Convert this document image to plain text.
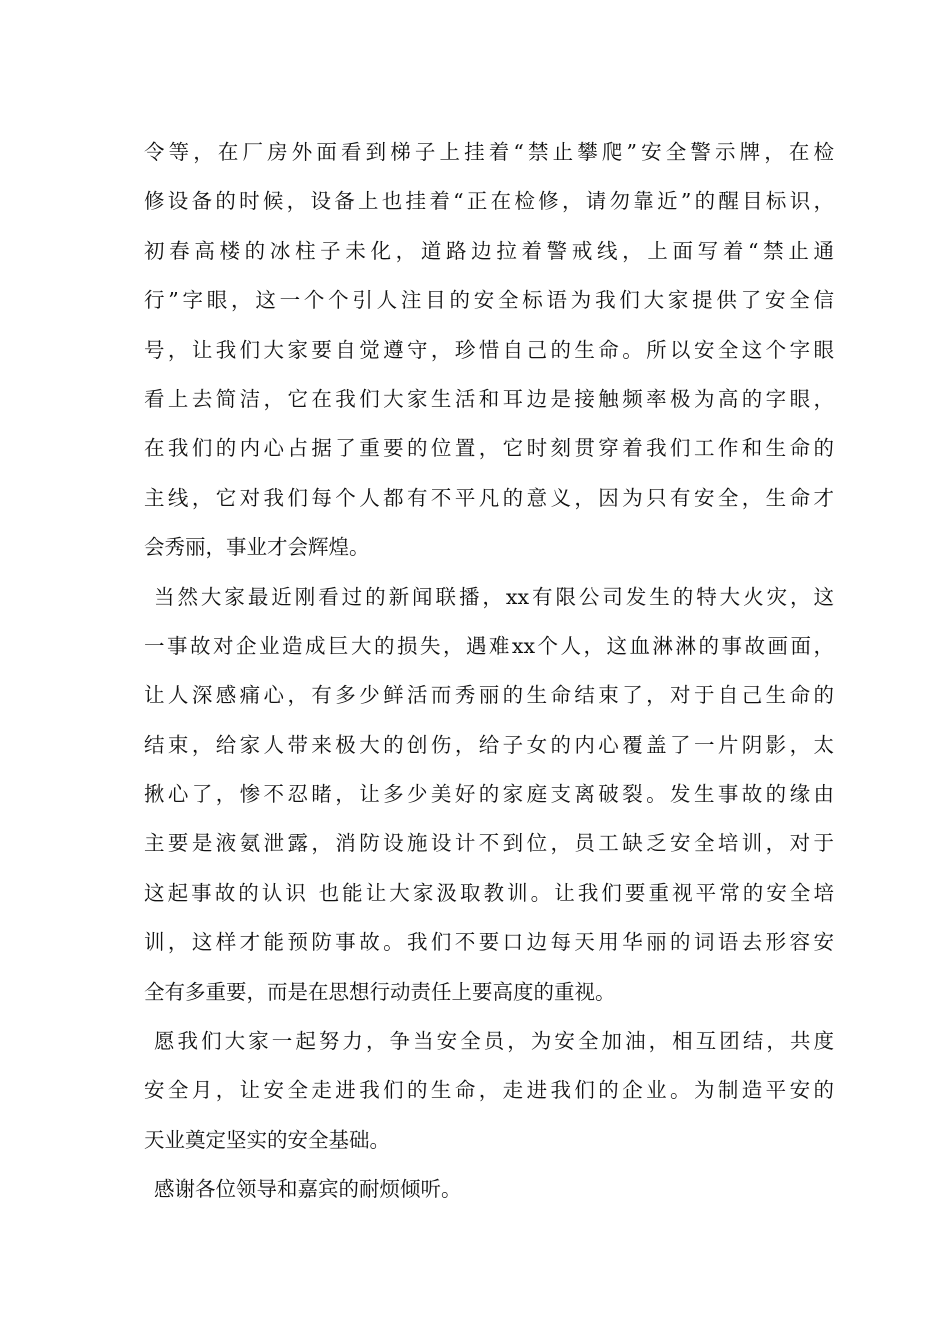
令等，在厂房外面看到梯子上挂着“禁止攀爬”安全警示牌，在检
修设备的时候，设备上也挂着“正在检修，请勿靠近”的醒目标识，
初春高楼的冰柱子未化，道路边拉着警戒线，上面写着“禁止通
行”字眼，这一个个引人注目的安全标语为我们大家提供了安全信
号，让我们大家要自觉遵守，珍惜自己的生命。所以安全这个字眼
看上去简洁，它在我们大家生活和耳边是接触频率极为高的字眼，
在我们的内心占据了重要的位置，它时刻贯穿着我们工作和生命的
主线，它对我们每个人都有不平凡的意义，因为只有安全，生命才
会秀丽，事业才会辉煌。
当然大家最近刚看过的新闻联播，xx有限公司发生的特大火灾，这
一事故对企业造成巨大的损失，遇难xx个人，这血淋淋的事故画面，
让人深感痛心，有多少鲜活而秀丽的生命结束了，对于自己生命的
结束，给家人带来极大的创伤，给子女的内心覆盖了一片阴影，太
揪心了，惨不忍睹，让多少美好的家庭支离破裂。发生事故的缘由
主要是液氨泄露，消防设施设计不到位，员工缺乏安全培训，对于
这起事故的认识 也能让大家汲取教训。让我们要重视平常的安全培
训，这样才能预防事故。我们不要口边每天用华丽的词语去形容安
全有多重要，而是在思想行动责任上要高度的重视。
愿我们大家一起努力，争当安全员，为安全加油，相互团结，共度
安全月，让安全走进我们的生命，走进我们的企业。为制造平安的
天业奠定坚实的安全基础。
感谢各位领导和嘉宾的耐烦倾听。
